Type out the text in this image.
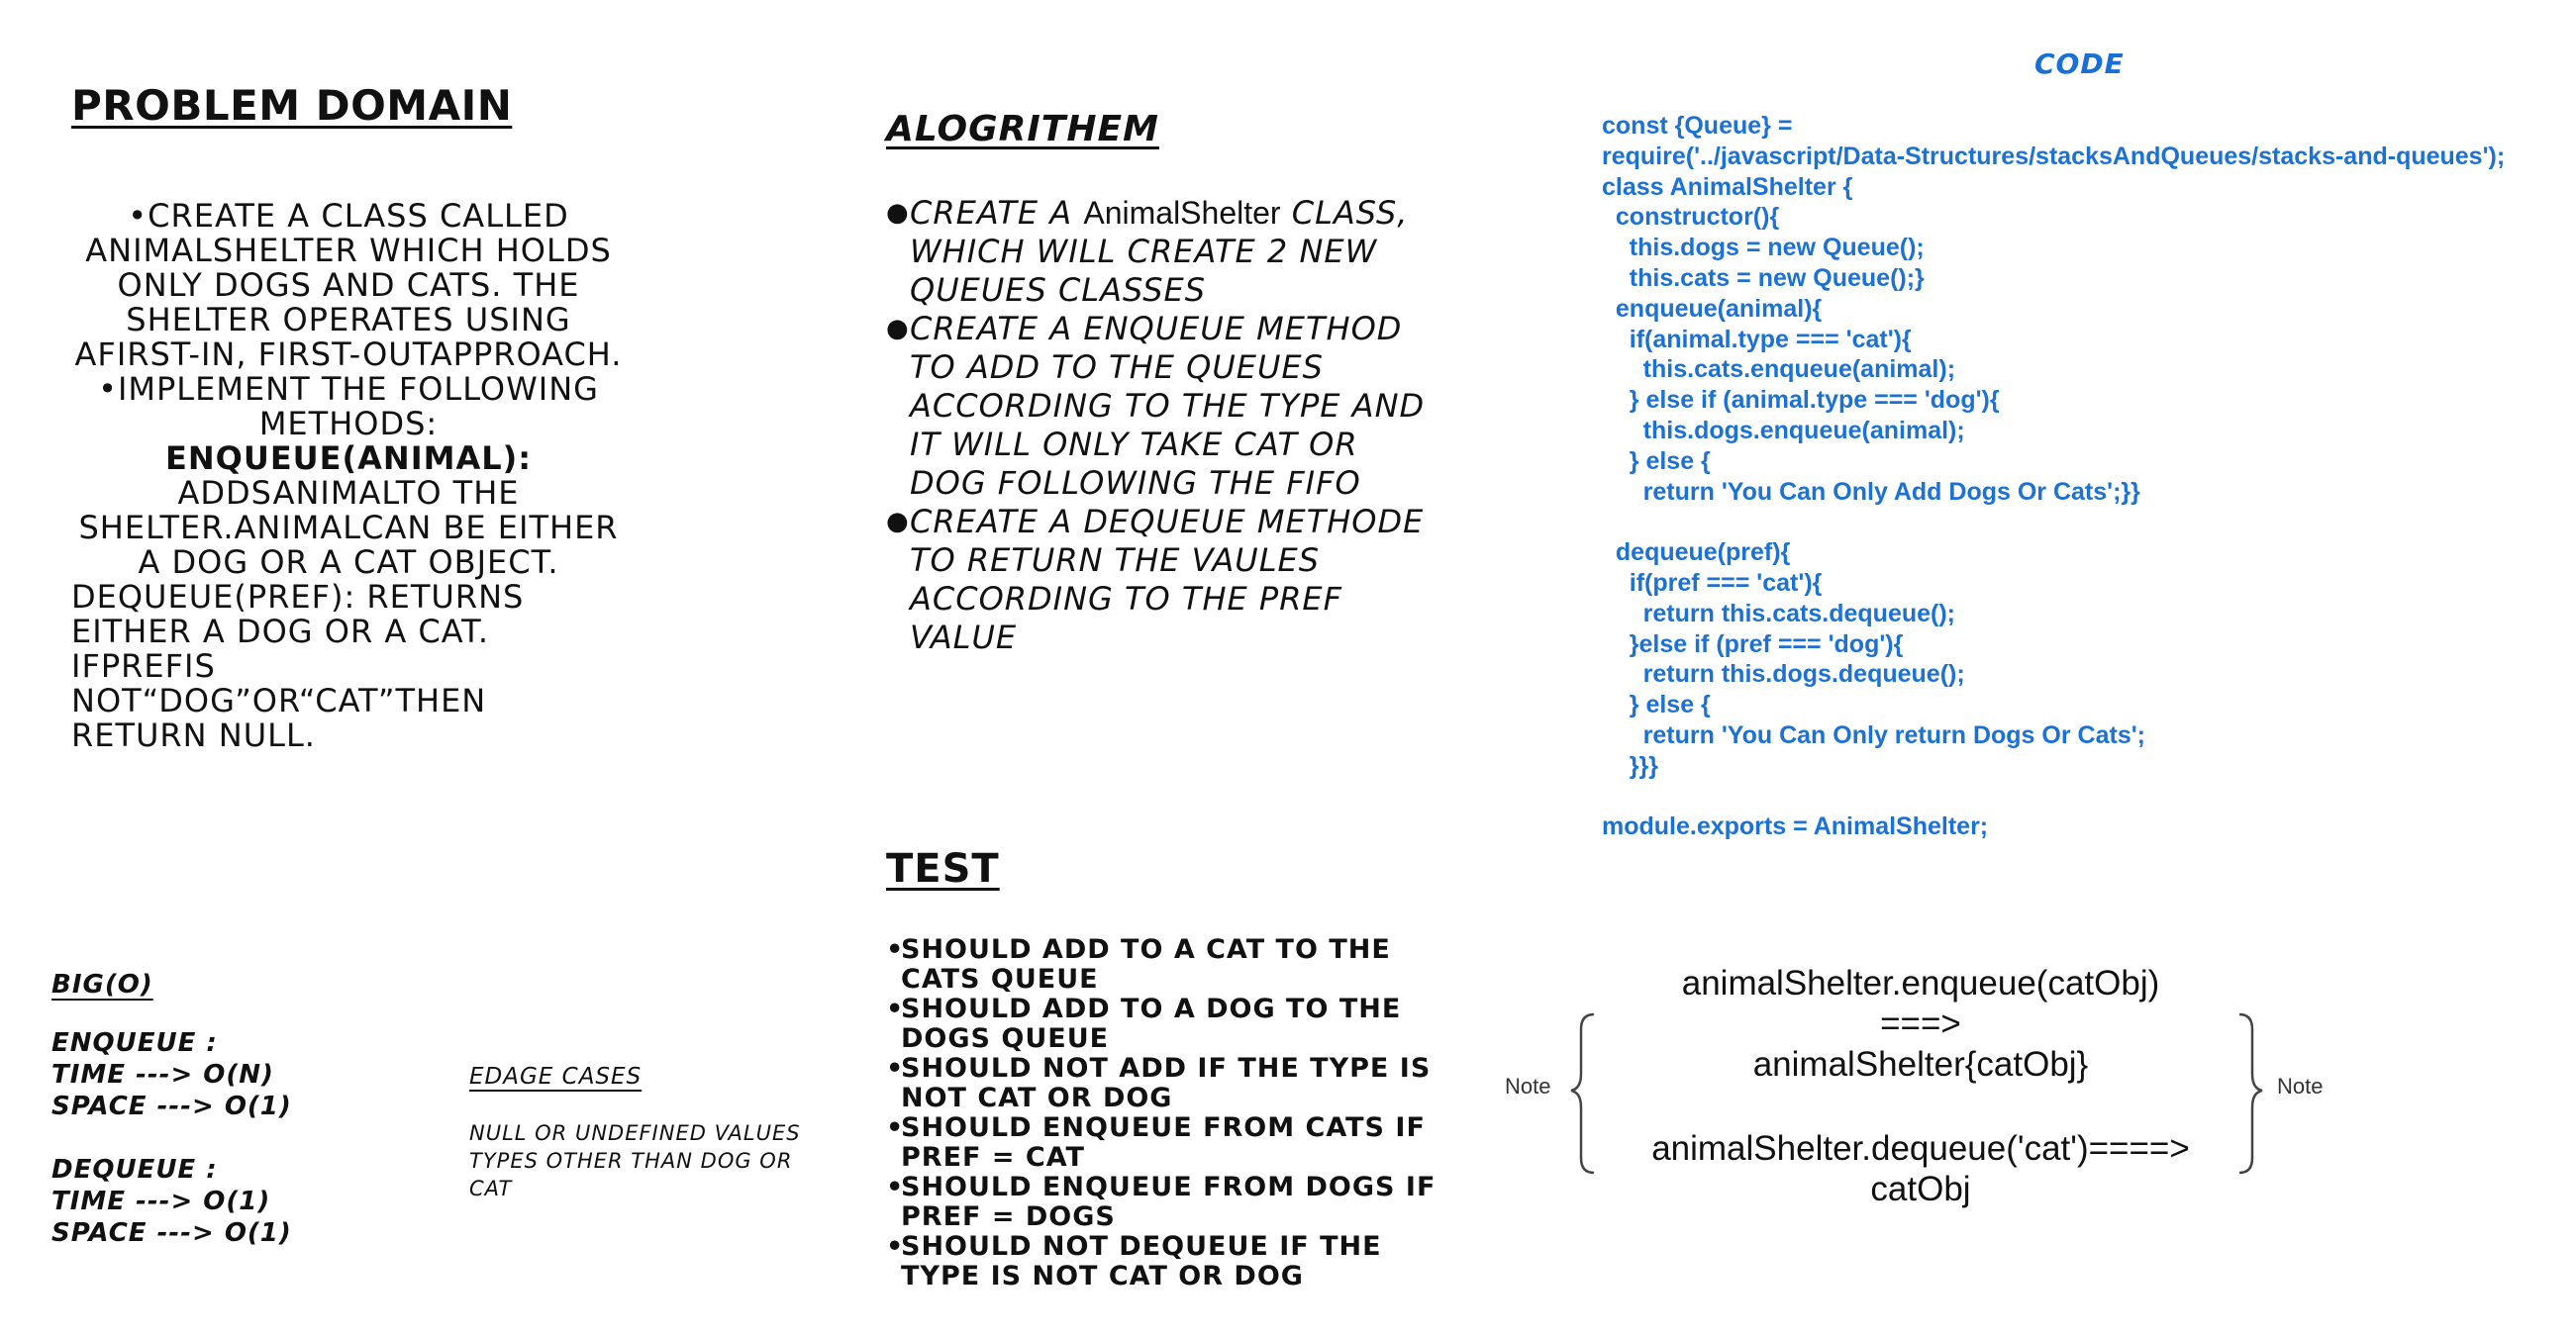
PROBLEM DOMAIN
•CREATE A CLASS CALLED ANIMALSHELTER WHICH HOLDS ONLY DOGS AND CATS. THE SHELTER OPERATES USING AFIRST-IN, FIRST-OUTAPPROACH.
•IMPLEMENT THE FOLLOWING METHODS:
ENQUEUE(ANIMAL):
ADDSANIMALTO THE
SHELTER.ANIMALCAN BE EITHER A DOG OR A CAT OBJECT.
DEQUEUE(PREF): RETURNS EITHER A DOG OR A CAT.
IFPREFIS NOT“DOG”OR“CAT”THEN RETURN NULL.
ALOGRITHEM
● CREATE A AnimalShelter CLASS, WHICH WILL CREATE 2 NEW QUEUES CLASSES
● CREATE A ENQUEUE METHOD TO ADD TO THE QUEUES ACCORDING TO THE TYPE AND IT WILL ONLY TAKE CAT OR DOG FOLLOWING THE FIFO
● CREATE A DEQUEUE METHODE TO RETURN THE VAULES ACCORDING TO THE PREF VALUE
CODE
const {Queue} =
require('../javascript/Data-Structures/stacksAndQueues/stacks-and-queues');
class AnimalShelter {
constructor(){
this.dogs = new Queue();
this.cats = new Queue();}
enqueue(animal){
if(animal.type === 'cat'){
this.cats.enqueue(animal);
} else if (animal.type === 'dog'){
this.dogs.enqueue(animal);
} else {
return 'You Can Only Add Dogs Or Cats';}}

dequeue(pref){
if(pref === 'cat'){
return this.cats.dequeue();
}else if (pref === 'dog'){
return this.dogs.dequeue();
} else {
return 'You Can Only return Dogs Or Cats';
}}}

module.exports = AnimalShelter;
TEST
• SHOULD ADD TO A CAT TO THE CATS QUEUE
• SHOULD ADD TO A DOG TO THE DOGS QUEUE
• SHOULD NOT ADD IF THE TYPE IS NOT CAT OR DOG
• SHOULD ENQUEUE FROM CATS IF PREF = CAT
• SHOULD ENQUEUE FROM DOGS IF PREF = DOGS
• SHOULD NOT DEQUEUE IF THE TYPE IS NOT CAT OR DOG
BIG(O)
ENQUEUE :
TIME ---> O(N)
SPACE ---> O(1)
DEQUEUE :
TIME ---> O(1)
SPACE ---> O(1)
EDAGE CASES
NULL OR UNDEFINED VALUES
TYPES OTHER THAN DOG OR CAT
Note	Note
animalShelter.enqueue(catObj)
===>
animalShelter{catObj}
animalShelter.dequeue('cat')====>
catObj
